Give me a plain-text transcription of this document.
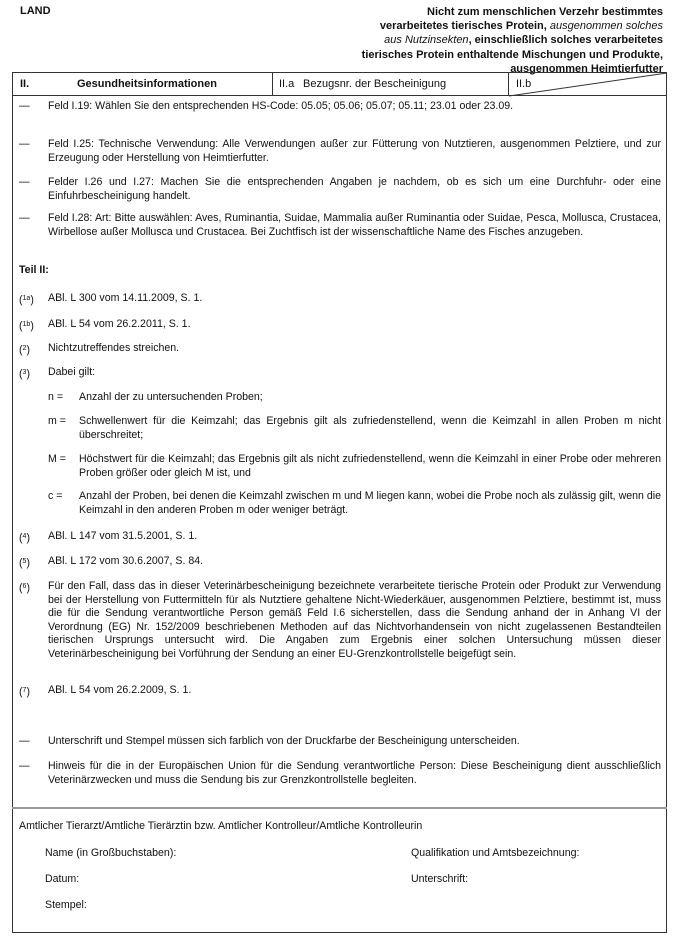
LAND	Nicht zum menschlichen Verzehr bestimmtes
verarbeitetes tierisches Protein, ausgenommen solches
aus Nutzinsekten, einschließlich solches verarbeitetes
tierisches Protein enthaltende Mischungen und Produkte,
ausgenommen Heimtierfutter
II.	Gesundheitsinformationen	II.a Bezugsnr. der Bescheinigung	II.b
— Feld I.19: Wählen Sie den entsprechenden HS-Code: 05.05; 05.06; 05.07; 05.11; 23.01 oder 23.09.
— Feld I.25: Technische Verwendung: Alle Verwendungen außer zur Fütterung von Nutztieren, ausgenommen Pelztiere, und zur Erzeugung oder Herstellung von Heimtierfutter.
— Felder I.26 und I.27: Machen Sie die entsprechenden Angaben je nachdem, ob es sich um eine Durchfuhr- oder eine Einfuhrbescheinigung handelt.
— Feld I.28: Art: Bitte auswählen: Aves, Ruminantia, Suidae, Mammalia außer Ruminantia oder Suidae, Pesca, Mollusca, Crustacea, Wirbellose außer Mollusca und Crustacea. Bei Zuchtfisch ist der wissenschaftliche Name des Fisches anzugeben.
Teil II:
($^{1a}$) ABl. L 300 vom 14.11.2009, S. 1.
($^{1b}$) ABl. L 54 vom 26.2.2011, S. 1.
($^2$) Nichtzutreffendes streichen.
($^3$) Dabei gilt:
n = Anzahl der zu untersuchenden Proben;
m = Schwellenwert für die Keimzahl; das Ergebnis gilt als zufriedenstellend, wenn die Keimzahl in allen Proben m nicht überschreitet;
M = Höchstwert für die Keimzahl; das Ergebnis gilt als nicht zufriedenstellend, wenn die Keimzahl in einer Probe oder mehreren Proben größer oder gleich M ist, und
c = Anzahl der Proben, bei denen die Keimzahl zwischen m und M liegen kann, wobei die Probe noch als zulässig gilt, wenn die Keimzahl in den anderen Proben m oder weniger beträgt.
($^4$) ABl. L 147 vom 31.5.2001, S. 1.
($^5$) ABl. L 172 vom 30.6.2007, S. 84.
($^6$) Für den Fall, dass das in dieser Veterinärbescheinigung bezeichnete verarbeitete tierische Protein oder Produkt zur Verwendung bei der Herstellung von Futtermitteln für als Nutztiere gehaltene Nicht-Wiederkäuer, ausgenommen Pelztiere, bestimmt ist, muss die für die Sendung verantwortliche Person gemäß Feld I.6 sicherstellen, dass die Sendung anhand der in Anhang VI der Verordnung (EG) Nr. 152/2009 beschriebenen Methoden auf das Nichtvorhandensein von nicht zugelassenen Bestandteilen tierischen Ursprungs untersucht wird. Die Angaben zum Ergebnis einer solchen Untersuchung müssen dieser Veterinärbescheinigung bei Vorführung der Sendung an einer EU-Grenzkontrollstelle beigefügt sein.
($^7$) ABl. L 54 vom 26.2.2009, S. 1.
— Unterschrift und Stempel müssen sich farblich von der Druckfarbe der Bescheinigung unterscheiden.
— Hinweis für die in der Europäischen Union für die Sendung verantwortliche Person: Diese Bescheinigung dient ausschließlich Veterinärzwecken und muss die Sendung bis zur Grenzkontrollstelle begleiten.
Amtlicher Tierarzt/Amtliche Tierärztin bzw. Amtlicher Kontrolleur/Amtliche Kontrolleurin
Name (in Großbuchstaben):	Qualifikation und Amtsbezeichnung:
Datum:	Unterschrift:
Stempel:
